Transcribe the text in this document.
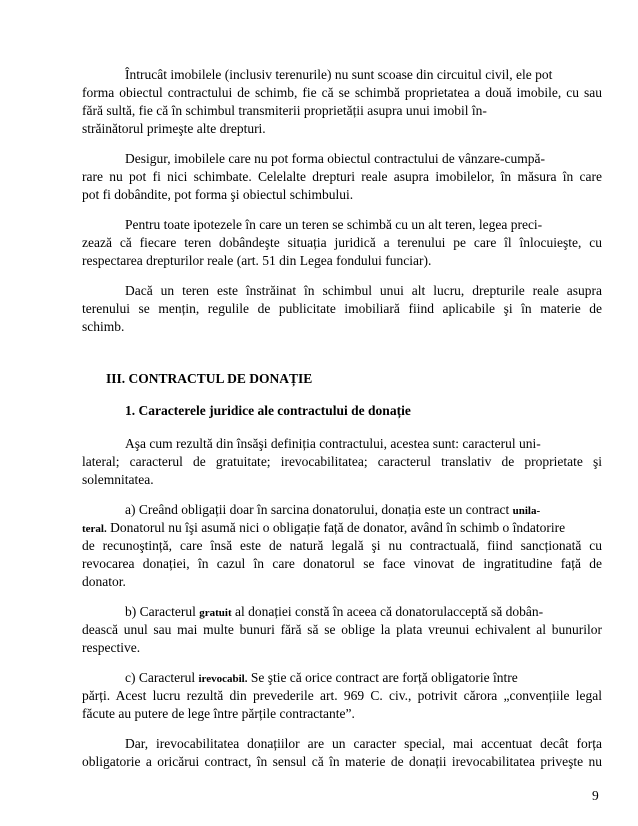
Întrucât imobilele (inclusiv terenurile) nu sunt scoase din circuitul civil, ele pot
forma obiectul contractului de schimb, fie că se schimbă proprietatea a două imobile, cu sau
fără sultă, fie că în schimbul transmiterii proprietății asupra unui imobil în-
străinătorul primeşte alte drepturi.
Desigur, imobilele care nu pot forma obiectul contractului de vânzare-cumpă-
rare nu pot fi nici schimbate. Celelalte drepturi reale asupra imobilelor, în măsura în care
pot fi dobândite, pot forma şi obiectul schimbului.
Pentru toate ipotezele în care un teren se schimbă cu un alt teren, legea preci-
zează că fiecare teren dobândeşte situația juridică a terenului pe care îl înlocuieşte, cu
respectarea drepturilor reale (art. 51 din Legea fondului funciar).
Dacă un teren este înstrăinat în schimbul unui alt lucru, drepturile reale asupra
terenului se mențin, regulile de publicitate imobiliară fiind aplicabile şi în materie de
schimb.
III. CONTRACTUL DE DONAȚIE
1. Caracterele juridice ale contractului de donație
Aşa cum rezultă din însăşi definiția contractului, acestea sunt: caracterul uni-
lateral; caracterul de gratuitate; irevocabilitatea; caracterul translativ de proprietate şi
solemnitatea.
a) Creând obligații doar în sarcina donatorului, donația este un contract unila-
teral. Donatorul nu îşi asumă nici o obligație față de donator, având în schimb o îndatorire
de recunoştință, care însă este de natură legală şi nu contractuală, fiind sancționată cu
revocarea donației, în cazul în care donatorul se face vinovat de ingratitudine față de
donator.
b) Caracterul gratuit al donației constă în aceea că donatorulacceptă să dobân-
dească unul sau mai multe bunuri fără să se oblige la plata vreunui echivalent al bunurilor
respective.
c) Caracterul irevocabil. Se ştie că orice contract are forță obligatorie între
părți. Acest lucru rezultă din prevederile art. 969 C. civ., potrivit cărora „convențiile legal
făcute au putere de lege între părțile contractante”.
Dar, irevocabilitatea donațiilor are un caracter special, mai accentuat decât forța
obligatorie a oricărui contract, în sensul că în materie de donații irevocabilitatea priveşte nu
9
